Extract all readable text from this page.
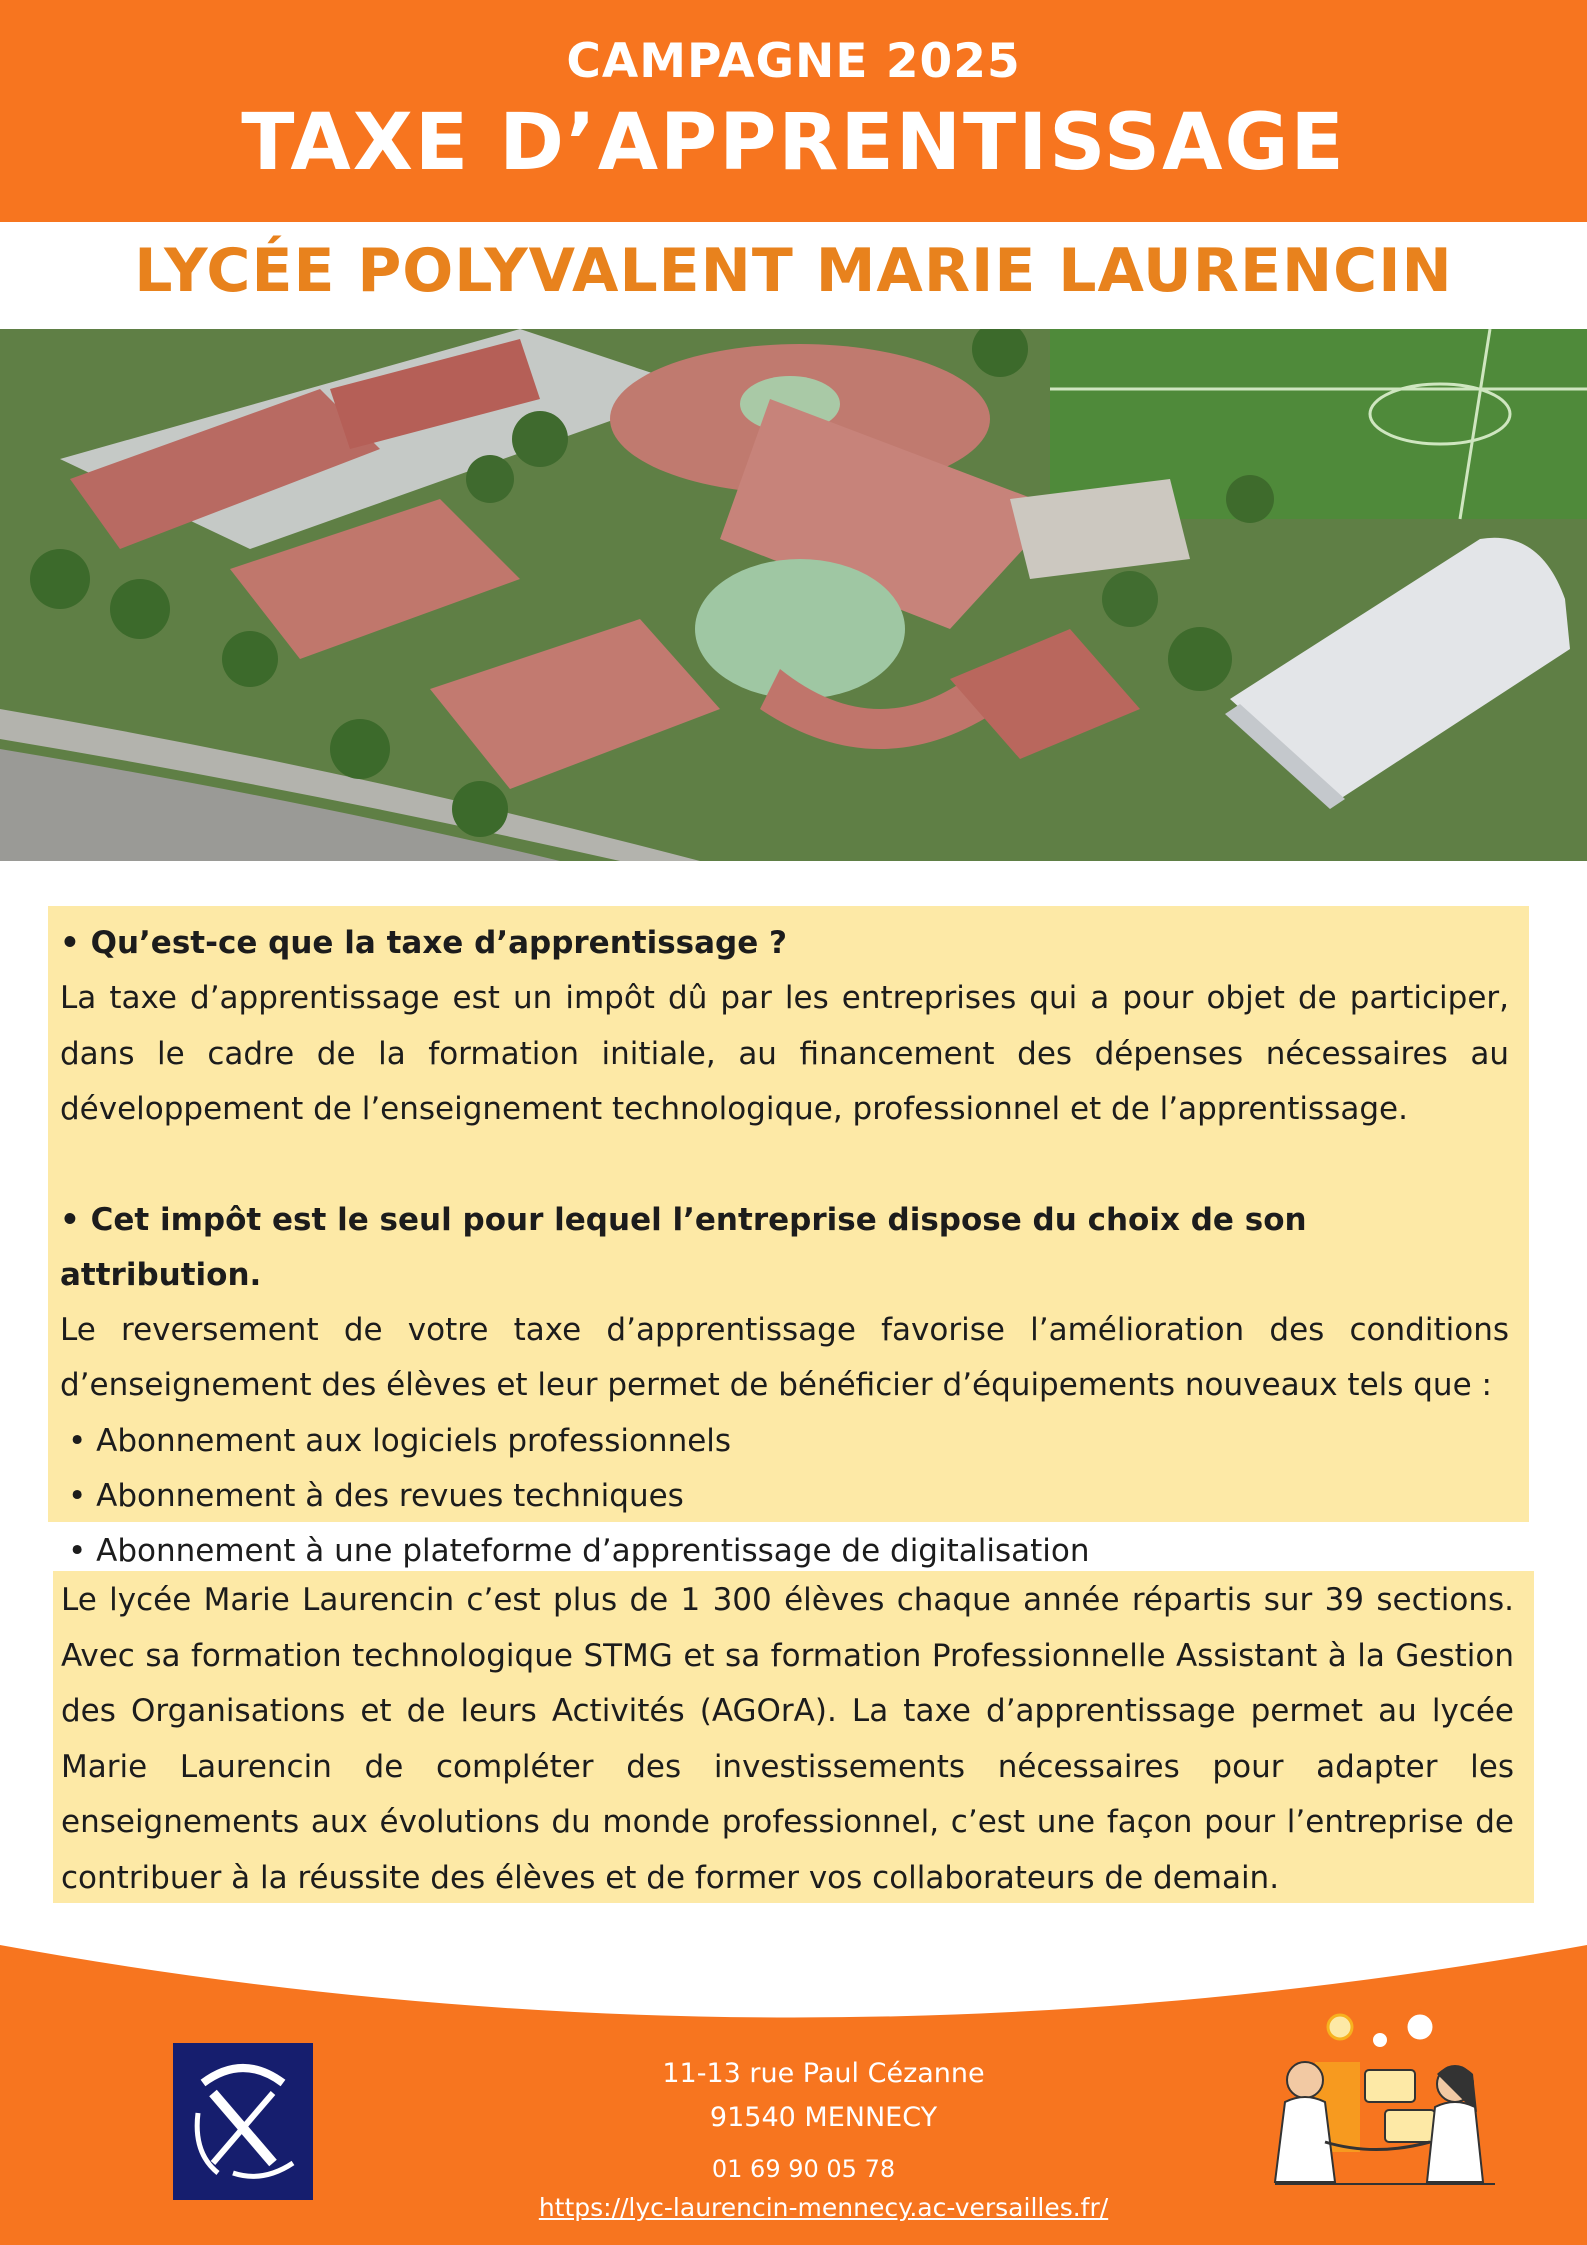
CAMPAGNE 2025
TAXE D’APPRENTISSAGE
LYCÉE POLYVALENT MARIE LAURENCIN
• Qu’est-ce que la taxe d’apprentissage ?
La taxe d’apprentissage est un impôt dû par les entreprises qui a pour objet de participer, dans le cadre de la formation initiale, au financement des dépenses nécessaires au développement de l’enseignement technologique, professionnel et de l’apprentissage.
• Cet impôt est le seul pour lequel l’entreprise dispose du choix de son attribution.
Le reversement de votre taxe d’apprentissage favorise l’amélioration des conditions d’enseignement des élèves et leur permet de bénéficier d’équipements nouveaux tels que :
• Abonnement aux logiciels professionnels
• Abonnement à des revues techniques
• Abonnement à une plateforme d’apprentissage de digitalisation
Le lycée Marie Laurencin c’est plus de 1 300 élèves chaque année répartis sur 39 sections. Avec sa formation technologique STMG et sa formation Professionnelle Assistant à la Gestion des Organisations et de leurs Activités (AGOrA). La taxe d’apprentissage permet au lycée Marie Laurencin de compléter des investissements nécessaires pour adapter les enseignements aux évolutions du monde professionnel, c’est une façon pour l’entreprise de contribuer à la réussite des élèves et de former vos collaborateurs de demain.
11-13 rue Paul Cézanne
91540 MENNECY
01 69 90 05 78
https://lyc-laurencin-mennecy.ac-versailles.fr/
